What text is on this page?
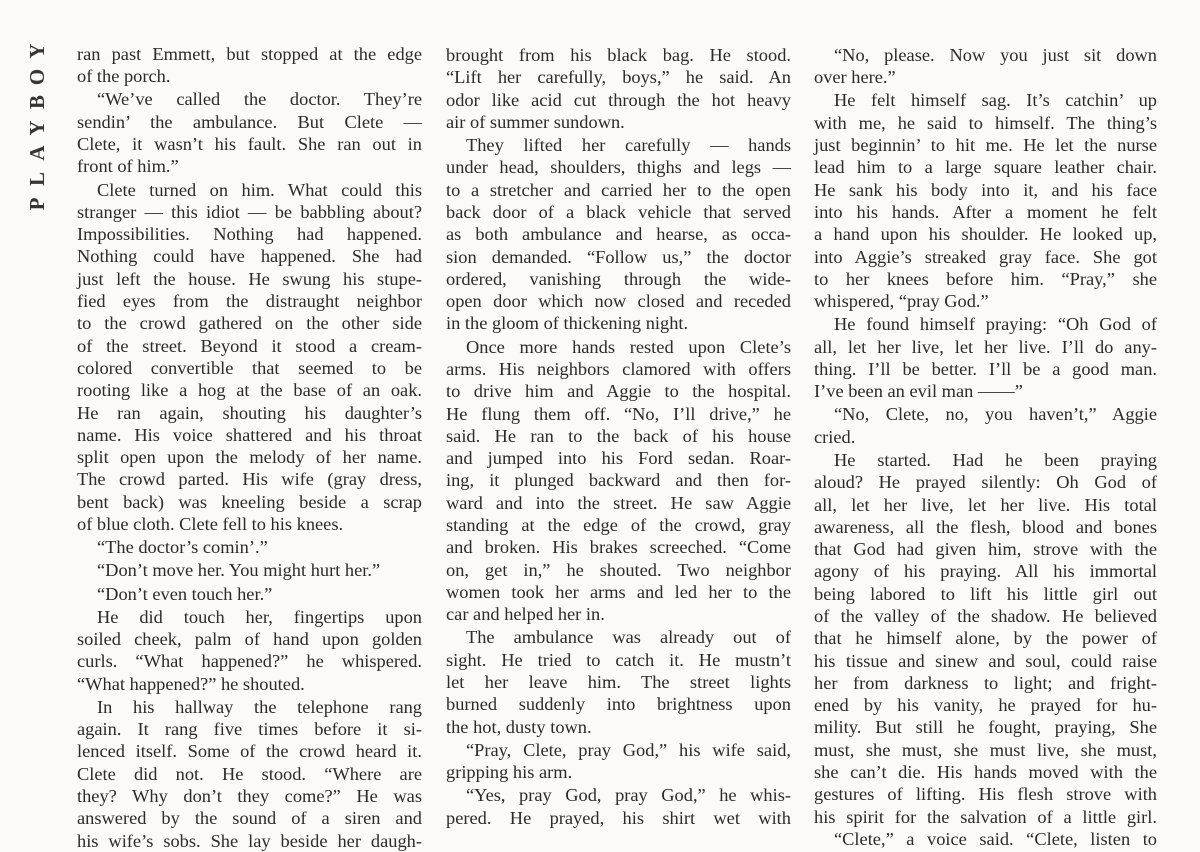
Y
O
B
Y
A
L
P
ran past Emmett, but stopped at the edge
of the porch.
“We’ve called the doctor. They’re
sendin’ the ambulance. But Clete —
Clete, it wasn’t his fault. She ran out in
front of him.”
Clete turned on him. What could this
stranger — this idiot — be babbling about?
Impossibilities. Nothing had happened.
Nothing could have happened. She had
just left the house. He swung his stupe-
fied eyes from the distraught neighbor
to the crowd gathered on the other side
of the street. Beyond it stood a cream-
colored convertible that seemed to be
rooting like a hog at the base of an oak.
He ran again, shouting his daughter’s
name. His voice shattered and his throat
split open upon the melody of her name.
The crowd parted. His wife (gray dress,
bent back) was kneeling beside a scrap
of blue cloth. Clete fell to his knees.
“The doctor’s comin’.”
“Don’t move her. You might hurt her.”
“Don’t even touch her.”
He did touch her, fingertips upon
soiled cheek, palm of hand upon golden
curls. “What happened?” he whispered.
“What happened?” he shouted.
In his hallway the telephone rang
again. It rang five times before it si-
lenced itself. Some of the crowd heard it.
Clete did not. He stood. “Where are
they? Why don’t they come?” He was
answered by the sound of a siren and
his wife’s sobs. She lay beside her daugh-
brought from his black bag. He stood.
“Lift her carefully, boys,” he said. An
odor like acid cut through the hot heavy
air of summer sundown.
They lifted her carefully — hands
under head, shoulders, thighs and legs —
to a stretcher and carried her to the open
back door of a black vehicle that served
as both ambulance and hearse, as occa-
sion demanded. “Follow us,” the doctor
ordered, vanishing through the wide-
open door which now closed and receded
in the gloom of thickening night.
Once more hands rested upon Clete’s
arms. His neighbors clamored with offers
to drive him and Aggie to the hospital.
He flung them off. “No, I’ll drive,” he
said. He ran to the back of his house
and jumped into his Ford sedan. Roar-
ing, it plunged backward and then for-
ward and into the street. He saw Aggie
standing at the edge of the crowd, gray
and broken. His brakes screeched. “Come
on, get in,” he shouted. Two neighbor
women took her arms and led her to the
car and helped her in.
The ambulance was already out of
sight. He tried to catch it. He mustn’t
let her leave him. The street lights
burned suddenly into brightness upon
the hot, dusty town.
“Pray, Clete, pray God,” his wife said,
gripping his arm.
“Yes, pray God, pray God,” he whis-
pered. He prayed, his shirt wet with
“No, please. Now you just sit down
over here.”
He felt himself sag. It’s catchin’ up
with me, he said to himself. The thing’s
just beginnin’ to hit me. He let the nurse
lead him to a large square leather chair.
He sank his body into it, and his face
into his hands. After a moment he felt
a hand upon his shoulder. He looked up,
into Aggie’s streaked gray face. She got
to her knees before him. “Pray,” she
whispered, “pray God.”
He found himself praying: “Oh God of
all, let her live, let her live. I’ll do any-
thing. I’ll be better. I’ll be a good man.
I’ve been an evil man ——”
“No, Clete, no, you haven’t,” Aggie
cried.
He started. Had he been praying
aloud? He prayed silently: Oh God of
all, let her live, let her live. His total
awareness, all the flesh, blood and bones
that God had given him, strove with the
agony of his praying. All his immortal
being labored to lift his little girl out
of the valley of the shadow. He believed
that he himself alone, by the power of
his tissue and sinew and soul, could raise
her from darkness to light; and fright-
ened by his vanity, he prayed for hu-
mility. But still he fought, praying, She
must, she must, she must live, she must,
she can’t die. His hands moved with the
gestures of lifting. His flesh strove with
his spirit for the salvation of a little girl.
“Clete,” a voice said. “Clete, listen to
